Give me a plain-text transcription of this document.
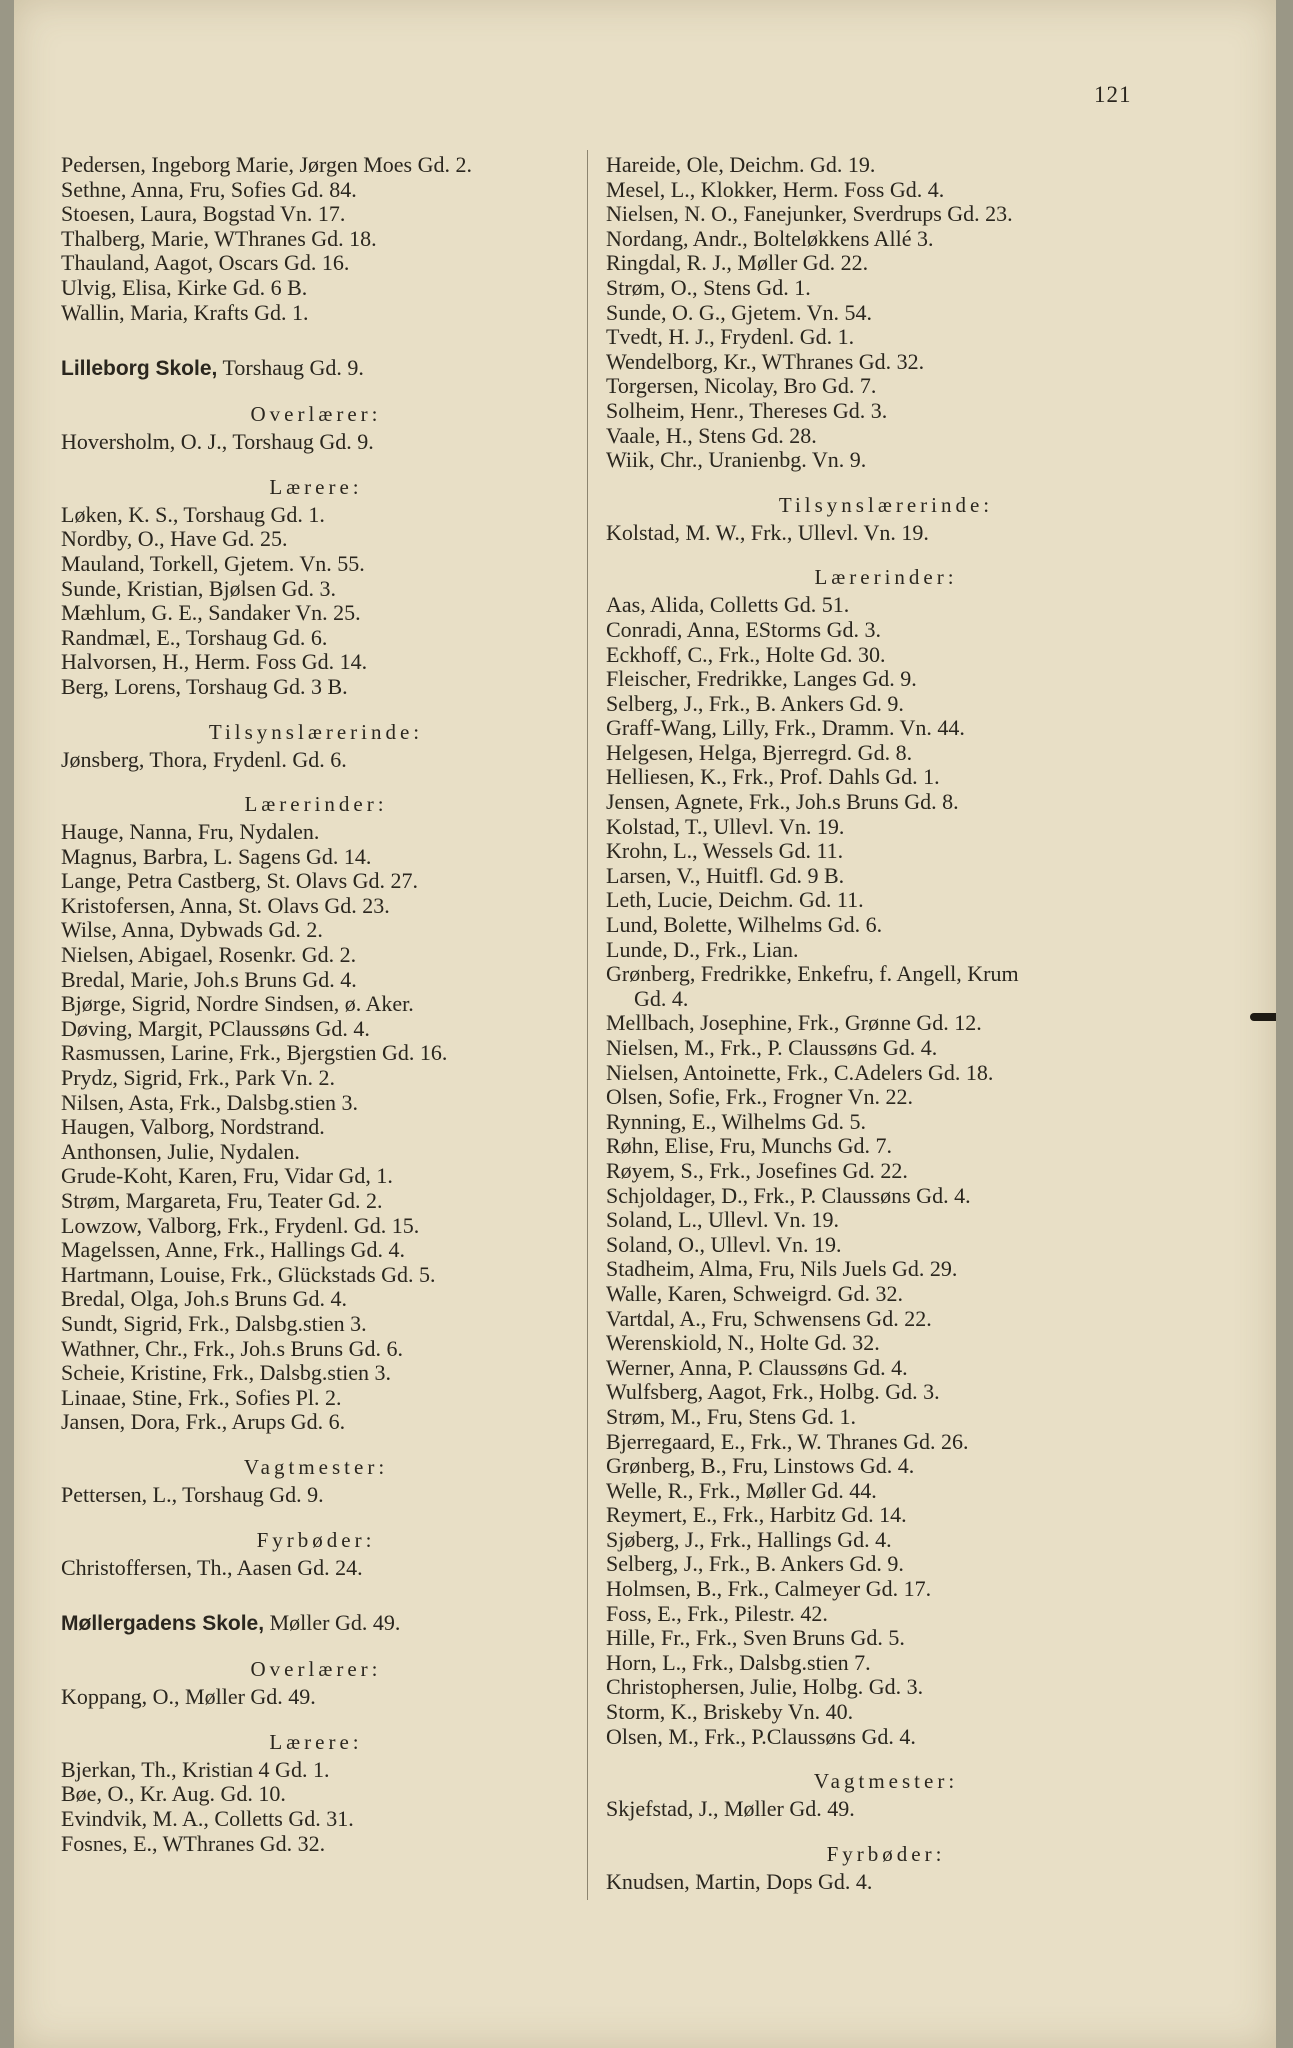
121
Pedersen, Ingeborg Marie, Jørgen Moes Gd. 2.
Sethne, Anna, Fru, Sofies Gd. 84.
Stoesen, Laura, Bogstad Vn. 17.
Thalberg, Marie, WThranes Gd. 18.
Thauland, Aagot, Oscars Gd. 16.
Ulvig, Elisa, Kirke Gd. 6 B.
Wallin, Maria, Krafts Gd. 1.
Lilleborg Skole, Torshaug Gd. 9.
Overlærer:
Hoversholm, O. J., Torshaug Gd. 9.
Lærere:
Løken, K. S., Torshaug Gd. 1.
Nordby, O., Have Gd. 25.
Mauland, Torkell, Gjetem. Vn. 55.
Sunde, Kristian, Bjølsen Gd. 3.
Mæhlum, G. E., Sandaker Vn. 25.
Randmæl, E., Torshaug Gd. 6.
Halvorsen, H., Herm. Foss Gd. 14.
Berg, Lorens, Torshaug Gd. 3 B.
Tilsynslærerinde:
Jønsberg, Thora, Frydenl. Gd. 6.
Lærerinder:
Hauge, Nanna, Fru, Nydalen.
Magnus, Barbra, L. Sagens Gd. 14.
Lange, Petra Castberg, St. Olavs Gd. 27.
Kristofersen, Anna, St. Olavs Gd. 23.
Wilse, Anna, Dybwads Gd. 2.
Nielsen, Abigael, Rosenkr. Gd. 2.
Bredal, Marie, Joh.s Bruns Gd. 4.
Bjørge, Sigrid, Nordre Sindsen, ø. Aker.
Døving, Margit, PClaussøns Gd. 4.
Rasmussen, Larine, Frk., Bjergstien Gd. 16.
Prydz, Sigrid, Frk., Park Vn. 2.
Nilsen, Asta, Frk., Dalsbg.stien 3.
Haugen, Valborg, Nordstrand.
Anthonsen, Julie, Nydalen.
Grude-Koht, Karen, Fru, Vidar Gd, 1.
Strøm, Margareta, Fru, Teater Gd. 2.
Lowzow, Valborg, Frk., Frydenl. Gd. 15.
Magelssen, Anne, Frk., Hallings Gd. 4.
Hartmann, Louise, Frk., Glückstads Gd. 5.
Bredal, Olga, Joh.s Bruns Gd. 4.
Sundt, Sigrid, Frk., Dalsbg.stien 3.
Wathner, Chr., Frk., Joh.s Bruns Gd. 6.
Scheie, Kristine, Frk., Dalsbg.stien 3.
Linaae, Stine, Frk., Sofies Pl. 2.
Jansen, Dora, Frk., Arups Gd. 6.
Vagtmester:
Pettersen, L., Torshaug Gd. 9.
Fyrbøder:
Christoffersen, Th., Aasen Gd. 24.
Møllergadens Skole, Møller Gd. 49.
Overlærer:
Koppang, O., Møller Gd. 49.
Lærere:
Bjerkan, Th., Kristian 4 Gd. 1.
Bøe, O., Kr. Aug. Gd. 10.
Evindvik, M. A., Colletts Gd. 31.
Fosnes, E., WThranes Gd. 32.
Hareide, Ole, Deichm. Gd. 19.
Mesel, L., Klokker, Herm. Foss Gd. 4.
Nielsen, N. O., Fanejunker, Sverdrups Gd. 23.
Nordang, Andr., Bolteløkkens Allé 3.
Ringdal, R. J., Møller Gd. 22.
Strøm, O., Stens Gd. 1.
Sunde, O. G., Gjetem. Vn. 54.
Tvedt, H. J., Frydenl. Gd. 1.
Wendelborg, Kr., WThranes Gd. 32.
Torgersen, Nicolay, Bro Gd. 7.
Solheim, Henr., Thereses Gd. 3.
Vaale, H., Stens Gd. 28.
Wiik, Chr., Uranienbg. Vn. 9.
Tilsynslærerinde:
Kolstad, M. W., Frk., Ullevl. Vn. 19.
Lærerinder:
Aas, Alida, Colletts Gd. 51.
Conradi, Anna, EStorms Gd. 3.
Eckhoff, C., Frk., Holte Gd. 30.
Fleischer, Fredrikke, Langes Gd. 9.
Selberg, J., Frk., B. Ankers Gd. 9.
Graff-Wang, Lilly, Frk., Dramm. Vn. 44.
Helgesen, Helga, Bjerregrd. Gd. 8.
Helliesen, K., Frk., Prof. Dahls Gd. 1.
Jensen, Agnete, Frk., Joh.s Bruns Gd. 8.
Kolstad, T., Ullevl. Vn. 19.
Krohn, L., Wessels Gd. 11.
Larsen, V., Huitfl. Gd. 9 B.
Leth, Lucie, Deichm. Gd. 11.
Lund, Bolette, Wilhelms Gd. 6.
Lunde, D., Frk., Lian.
Grønberg, Fredrikke, Enkefru, f. Angell, Krum
Gd. 4.
Mellbach, Josephine, Frk., Grønne Gd. 12.
Nielsen, M., Frk., P. Claussøns Gd. 4.
Nielsen, Antoinette, Frk., C.Adelers Gd. 18.
Olsen, Sofie, Frk., Frogner Vn. 22.
Rynning, E., Wilhelms Gd. 5.
Røhn, Elise, Fru, Munchs Gd. 7.
Røyem, S., Frk., Josefines Gd. 22.
Schjoldager, D., Frk., P. Claussøns Gd. 4.
Soland, L., Ullevl. Vn. 19.
Soland, O., Ullevl. Vn. 19.
Stadheim, Alma, Fru, Nils Juels Gd. 29.
Walle, Karen, Schweigrd. Gd. 32.
Vartdal, A., Fru, Schwensens Gd. 22.
Werenskiold, N., Holte Gd. 32.
Werner, Anna, P. Claussøns Gd. 4.
Wulfsberg, Aagot, Frk., Holbg. Gd. 3.
Strøm, M., Fru, Stens Gd. 1.
Bjerregaard, E., Frk., W. Thranes Gd. 26.
Grønberg, B., Fru, Linstows Gd. 4.
Welle, R., Frk., Møller Gd. 44.
Reymert, E., Frk., Harbitz Gd. 14.
Sjøberg, J., Frk., Hallings Gd. 4.
Selberg, J., Frk., B. Ankers Gd. 9.
Holmsen, B., Frk., Calmeyer Gd. 17.
Foss, E., Frk., Pilestr. 42.
Hille, Fr., Frk., Sven Bruns Gd. 5.
Horn, L., Frk., Dalsbg.stien 7.
Christophersen, Julie, Holbg. Gd. 3.
Storm, K., Briskeby Vn. 40.
Olsen, M., Frk., P.Claussøns Gd. 4.
Vagtmester:
Skjefstad, J., Møller Gd. 49.
Fyrbøder:
Knudsen, Martin, Dops Gd. 4.
